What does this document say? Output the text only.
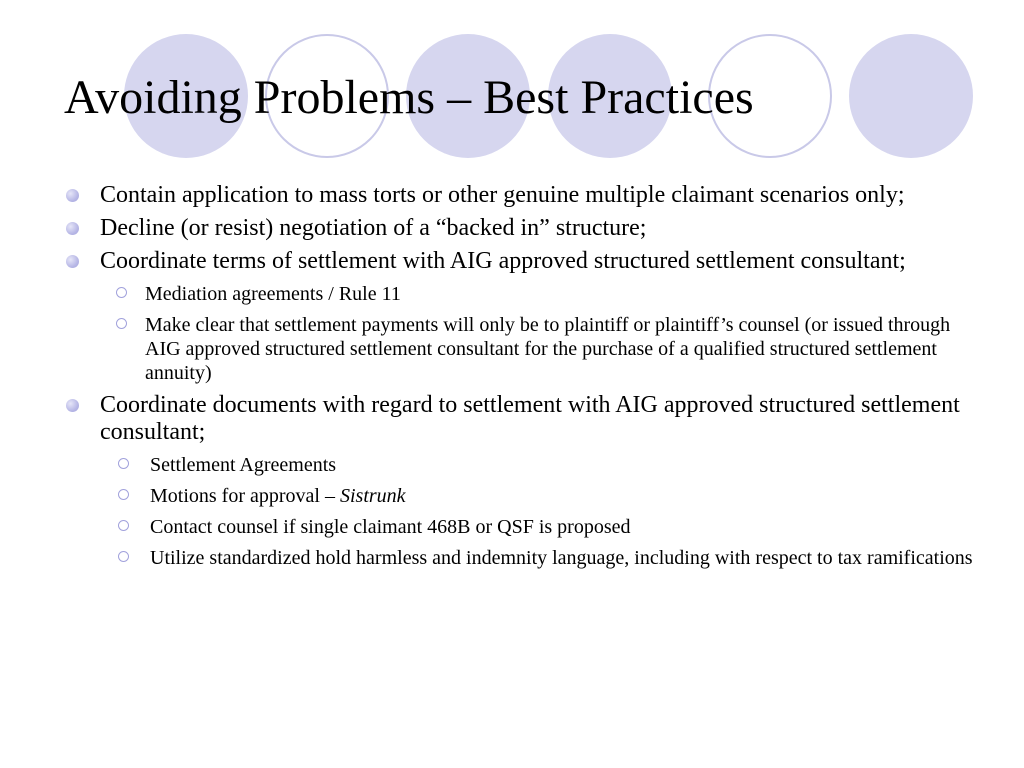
Avoiding Problems – Best Practices
Contain application to mass torts or other genuine multiple claimant scenarios only;
Decline (or resist) negotiation of a “backed in” structure;
Coordinate terms of settlement with AIG approved structured settlement consultant;
Mediation agreements / Rule 11
Make clear that settlement payments will only be to plaintiff or plaintiff’s counsel (or issued through AIG approved structured settlement consultant for the purchase of a qualified structured settlement annuity)
Coordinate documents with regard to settlement with AIG approved structured settlement consultant;
Settlement Agreements
Motions for approval – Sistrunk
Contact counsel if single claimant 468B or QSF is proposed
Utilize standardized hold harmless and indemnity language, including with respect to tax ramifications
